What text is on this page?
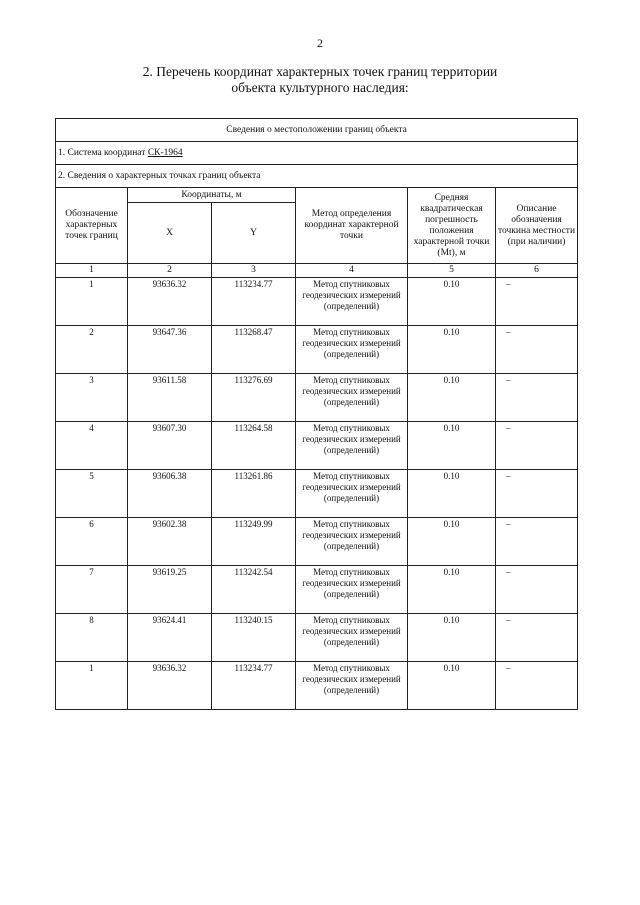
2
2. Перечень координат характерных точек границ территории
объекта культурного наследия:
Сведения о местоположении границ объекта					
1. Система координат СК-1964					
2. Сведения о характерных точках границ объекта					
Обозначение характерных точек границ	Координаты, м		Метод определения координат характерной точки	Средняя квадратическая погрешность положения характерной точки (Mt), м	Описание обозначения точкина местности (при наличии)
	X	Y			
1	2	3	4	5	6
1	93636.32	113234.77	Метод спутниковых геодезических измерений (определений)	0.10	–
2	93647.36	113268.47	Метод спутниковых геодезических измерений (определений)	0.10	–
3	93611.58	113276.69	Метод спутниковых геодезических измерений (определений)	0.10	–
4	93607.30	113264.58	Метод спутниковых геодезических измерений (определений)	0.10	–
5	93606.38	113261.86	Метод спутниковых геодезических измерений (определений)	0.10	–
6	93602.38	113249.99	Метод спутниковых геодезических измерений (определений)	0.10	–
7	93619.25	113242.54	Метод спутниковых геодезических измерений (определений)	0.10	–
8	93624.41	113240.15	Метод спутниковых геодезических измерений (определений)	0.10	–
1	93636.32	113234.77	Метод спутниковых геодезических измерений (определений)	0.10	–
